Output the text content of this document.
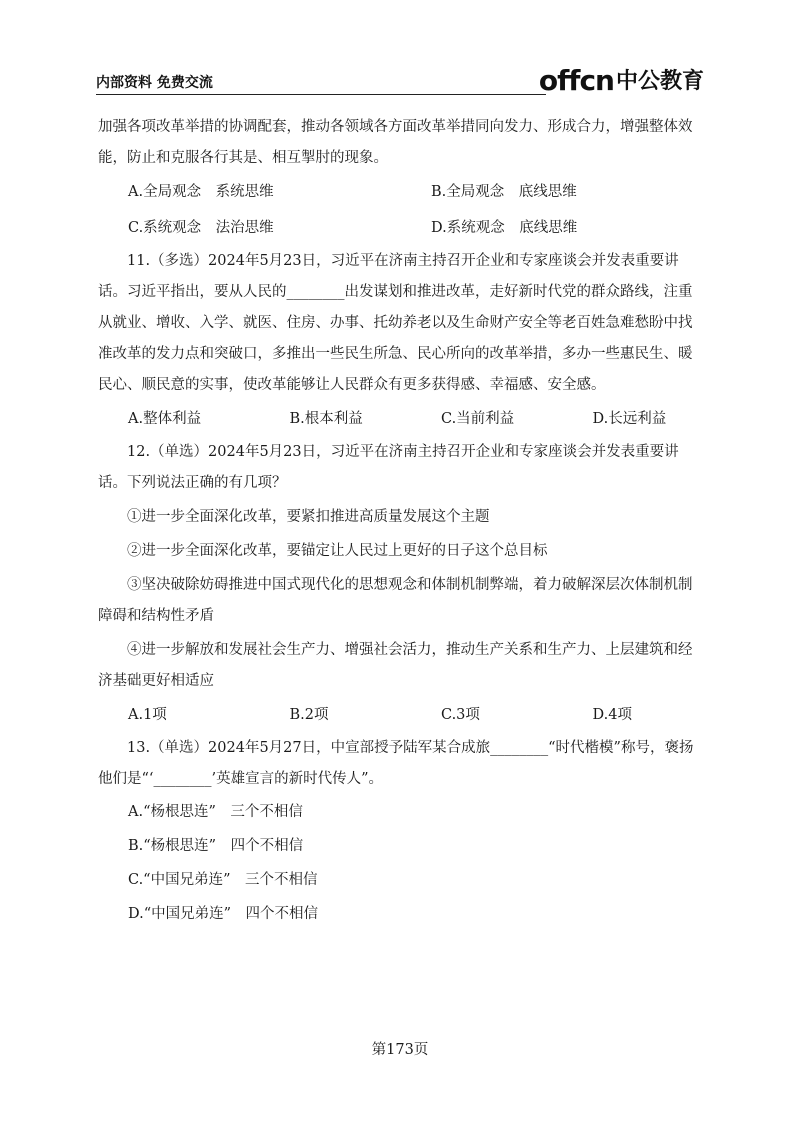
内部资料 免费交流	offcn 中公教育

加强各项改革举措的协调配套，推动各领域各方面改革举措同向发力、形成合力，增强整体效能，防止和克服各行其是、相互掣肘的现象。

A.全局观念　系统思维	B.全局观念　底线思维
C.系统观念　法治思维	D.系统观念　底线思维

11.（多选）2024年5月23日，习近平在济南主持召开企业和专家座谈会并发表重要讲话。习近平指出，要从人民的________出发谋划和推进改革，走好新时代党的群众路线，注重从就业、增收、入学、就医、住房、办事、托幼养老以及生命财产安全等老百姓急难愁盼中找准改革的发力点和突破口，多推出一些民生所急、民心所向的改革举措，多办一些惠民生、暖民心、顺民意的实事，使改革能够让人民群众有更多获得感、幸福感、安全感。

A.整体利益	B.根本利益	C.当前利益	D.长远利益

12.（单选）2024年5月23日，习近平在济南主持召开企业和专家座谈会并发表重要讲话。下列说法正确的有几项？

①进一步全面深化改革，要紧扣推进高质量发展这个主题

②进一步全面深化改革，要锚定让人民过上更好的日子这个总目标

③坚决破除妨碍推进中国式现代化的思想观念和体制机制弊端，着力破解深层次体制机制障碍和结构性矛盾

④进一步解放和发展社会生产力、增强社会活力，推动生产关系和生产力、上层建筑和经济基础更好相适应

A.1项	B.2项	C.3项	D.4项

13.（单选）2024年5月27日，中宣部授予陆军某合成旅________“时代楷模”称号，褒扬他们是“‘________’英雄宣言的新时代传人”。

A.“杨根思连”　三个不相信
B.“杨根思连”　四个不相信
C.“中国兄弟连”　三个不相信
D.“中国兄弟连”　四个不相信
第173页
